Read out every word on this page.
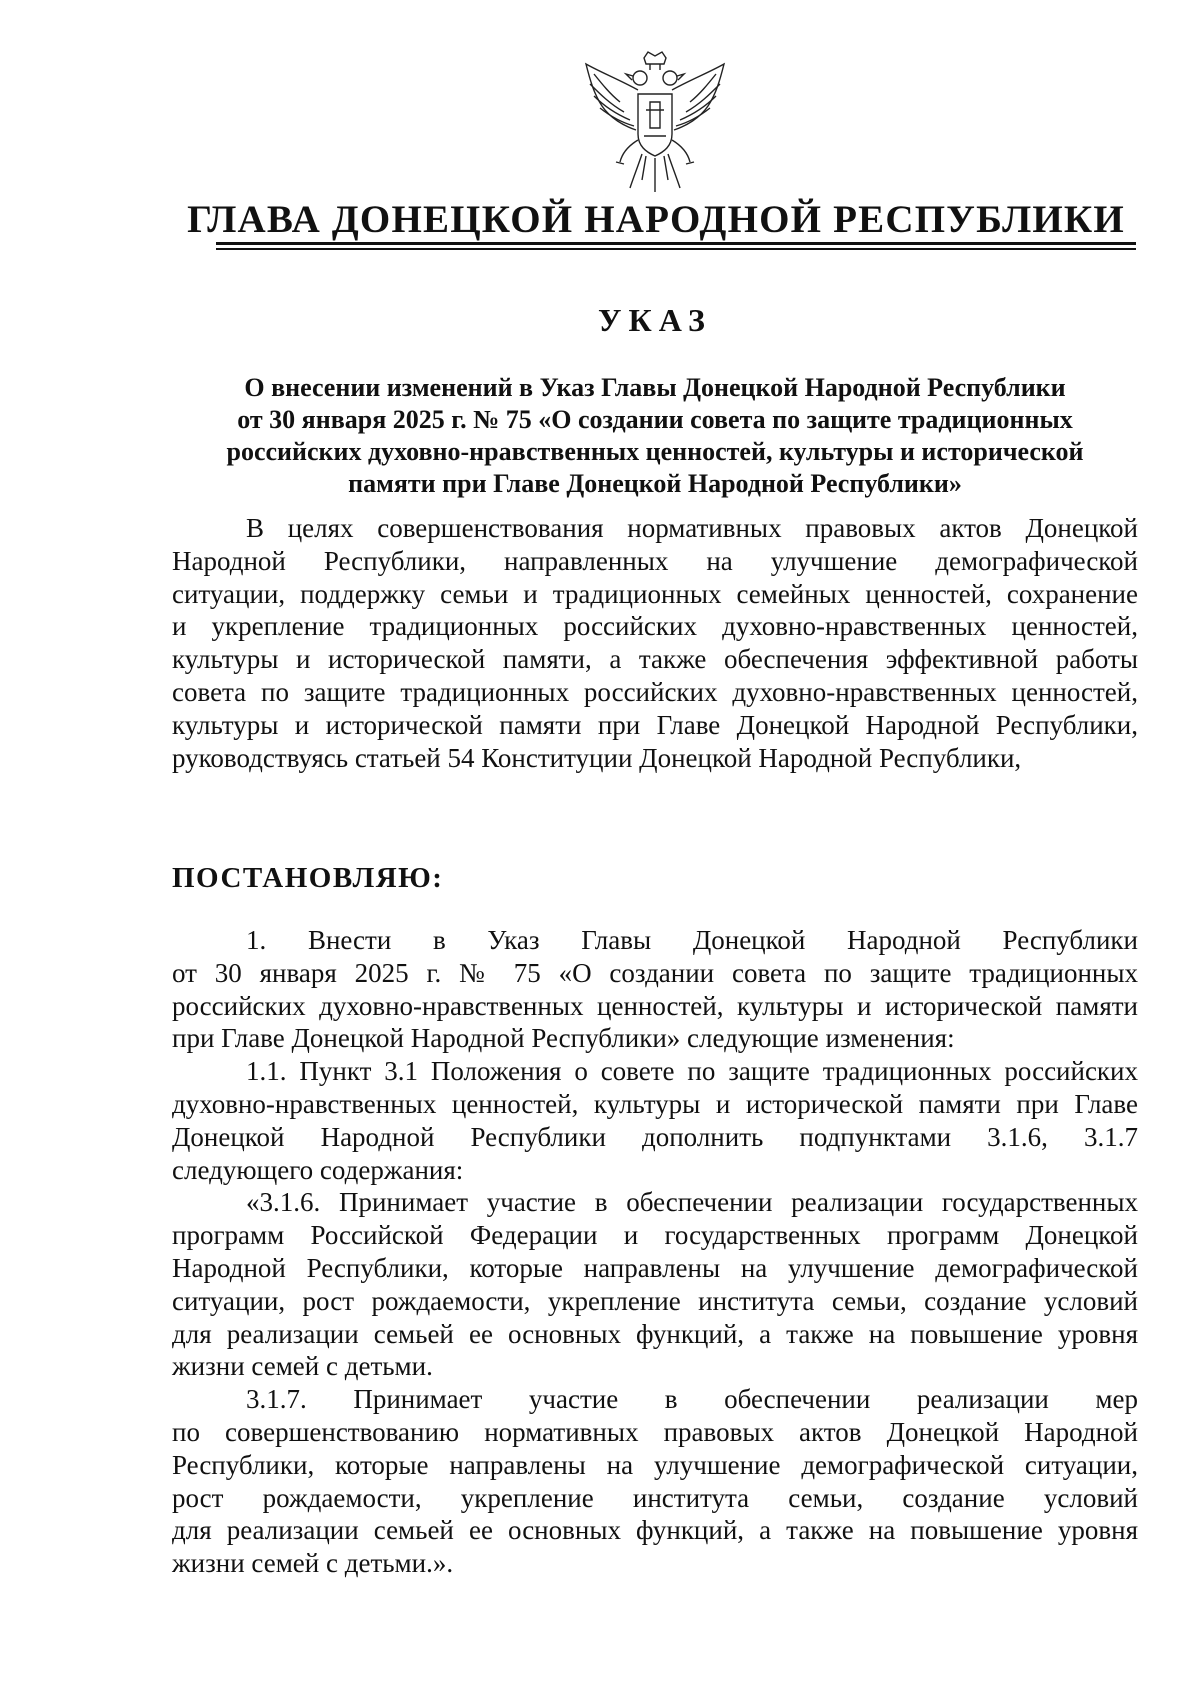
ГЛАВА ДОНЕЦКОЙ НАРОДНОЙ РЕСПУБЛИКИ
УКАЗ
О внесении изменений в Указ Главы Донецкой Народной Республики
от 30 января 2025 г. № 75 «О создании совета по защите традиционных
российских духовно-нравственных ценностей, культуры и исторической
памяти при Главе Донецкой Народной Республики»
В целях совершенствования нормативных правовых актов Донецкой
Народной Республики, направленных на улучшение демографической
ситуации, поддержку семьи и традиционных семейных ценностей, сохранение
и укрепление традиционных российских духовно-нравственных ценностей,
культуры и исторической памяти, а также обеспечения эффективной работы
совета по защите традиционных российских духовно-нравственных ценностей,
культуры и исторической памяти при Главе Донецкой Народной Республики,
руководствуясь статьей 54 Конституции Донецкой Народной Республики,
ПОСТАНОВЛЯЮ:
1. Внести в Указ Главы Донецкой Народной Республики
от 30 января 2025 г. № 75 «О создании совета по защите традиционных
российских духовно-нравственных ценностей, культуры и исторической памяти
при Главе Донецкой Народной Республики» следующие изменения:
1.1. Пункт 3.1 Положения о совете по защите традиционных российских
духовно-нравственных ценностей, культуры и исторической памяти при Главе
Донецкой Народной Республики дополнить подпунктами 3.1.6, 3.1.7
следующего содержания:
«3.1.6. Принимает участие в обеспечении реализации государственных
программ Российской Федерации и государственных программ Донецкой
Народной Республики, которые направлены на улучшение демографической
ситуации, рост рождаемости, укрепление института семьи, создание условий
для реализации семьей ее основных функций, а также на повышение уровня
жизни семей с детьми.
3.1.7. Принимает участие в обеспечении реализации мер
по совершенствованию нормативных правовых актов Донецкой Народной
Республики, которые направлены на улучшение демографической ситуации,
рост рождаемости, укрепление института семьи, создание условий
для реализации семьей ее основных функций, а также на повышение уровня
жизни семей с детьми.».
